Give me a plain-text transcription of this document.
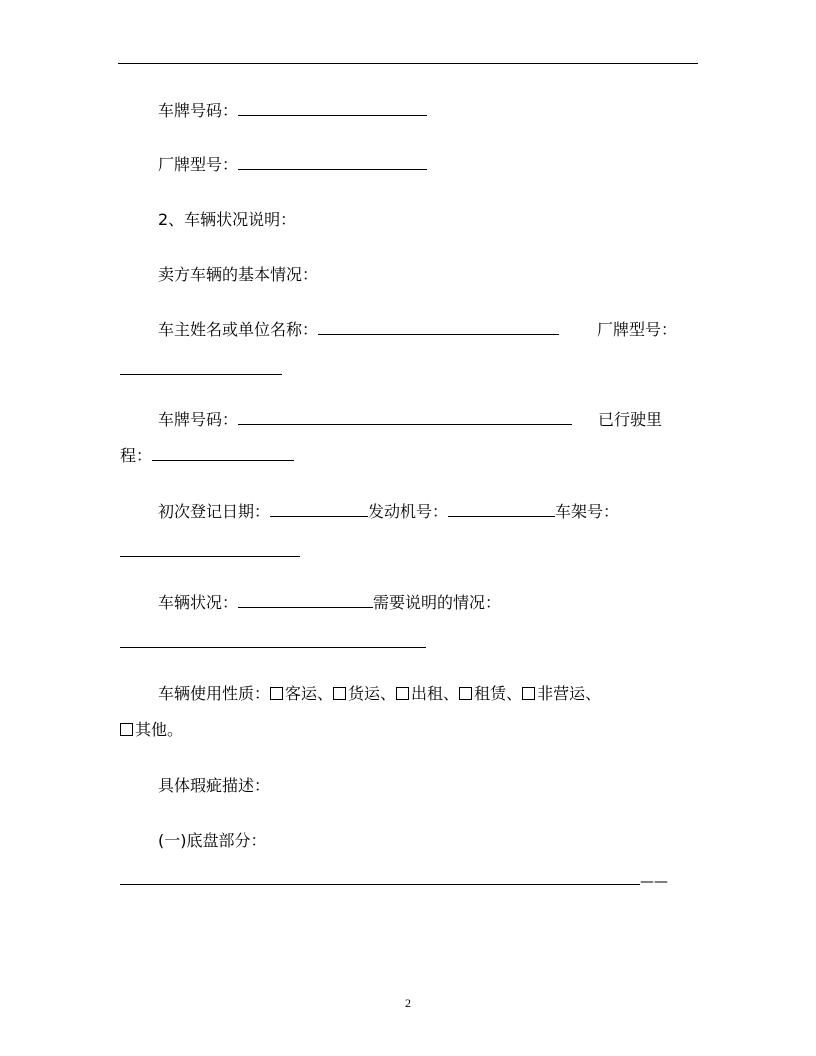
车牌号码：
厂牌型号：
2、车辆状况说明：
卖方车辆的基本情况：
车主姓名或单位名称：	厂牌型号：
车牌号码：	已行驶里
程：
初次登记日期：	发动机号：	车架号：
车辆状况：	需要说明的情况：
车辆使用性质： 客运、 货运、 出租、 租赁、 非营运、
其他。
具体瑕疵描述：
(一)底盘部分：
——
2
